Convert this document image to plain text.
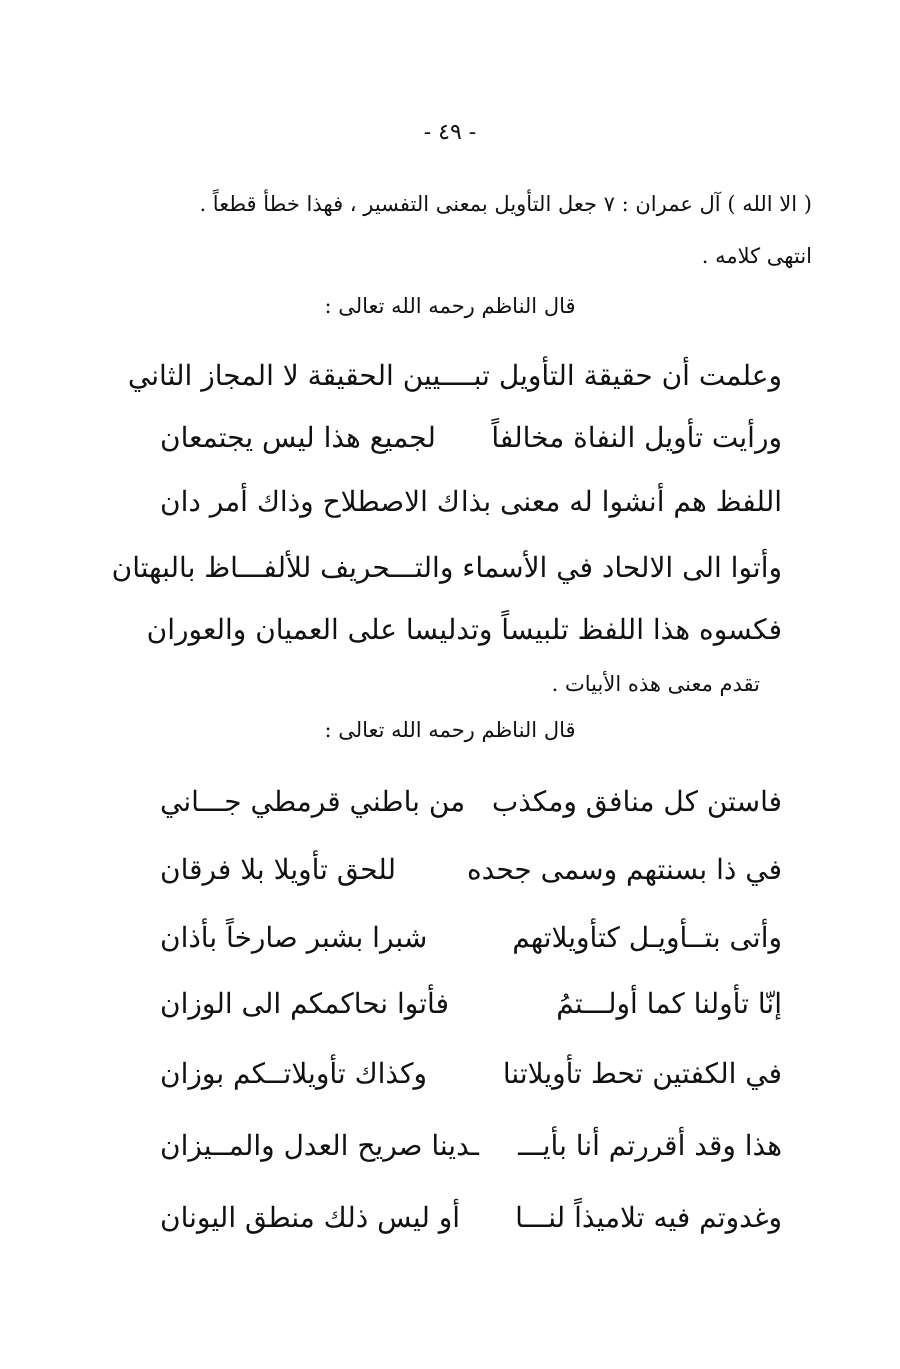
- ٤٩ -
( الا الله ) آل عمران : ٧ جعل التأويل بمعنى التفسير ، فهذا خطأ قطعاً .
انتهى كلامه .
قال الناظم رحمه الله تعالى :
وعلمت أن حقيقة التأويل تبــــيين الحقيقة لا المجاز الثاني
ورأيت تأويل النفاة مخالفاً
لجميع هذا ليس يجتمعان
اللفظ هم أنشوا له معنى بذا
ك الاصطلاح وذاك أمر دان
وأتوا الى الالحاد في الأسماء والتـــحريف للألفـــاظ بالبهتان
فكسوه هذا اللفظ تلبيساً وتد
ليسا على العميان والعوران
تقدم معنى هذه الأبيات .
قال الناظم رحمه الله تعالى :
فاستن كل منافق ومكذب
من باطني قرمطي جـــاني
في ذا بسنتهم وسمى جحده
للحق تأويلا بلا فرقان
وأتى بتــأويـل كتأويلاتهم
شبرا بشبر صارخاً بأذان
إنّا تأولنا كما أولـــتمُ
فأتوا نحاكمكم الى الوزان
في الكفتين تحط تأويلاتنا
وكذاك تأويلاتــكم بوزان
هذا وقد أقررتم أنا بأيـــ
ـدينا صريح العدل والمــيزان
وغدوتم فيه تلاميذاً لنـــا
أو ليس ذلك منطق اليونان
